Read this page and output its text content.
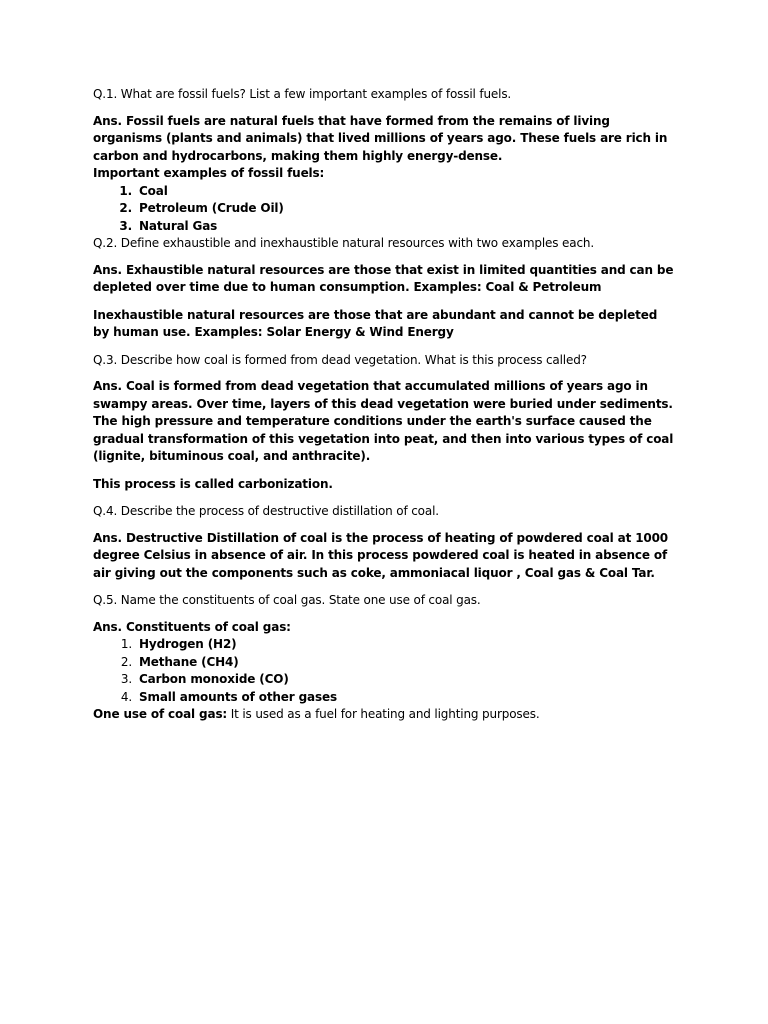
Q.1. What are fossil fuels? List a few important examples of fossil fuels.

Ans. Fossil fuels are natural fuels that have formed from the remains of living organisms (plants and animals) that lived millions of years ago. These fuels are rich in carbon and hydrocarbons, making them highly energy-dense.

Important examples of fossil fuels:

Coal
Petroleum (Crude Oil)
Natural Gas

Q.2. Define exhaustible and inexhaustible natural resources with two examples each.

Ans. Exhaustible natural resources are those that exist in limited quantities and can be depleted over time due to human consumption. Examples: Coal & Petroleum

Inexhaustible natural resources are those that are abundant and cannot be depleted by human use. Examples: Solar Energy & Wind Energy

Q.3. Describe how coal is formed from dead vegetation. What is this process called?

Ans. Coal is formed from dead vegetation that accumulated millions of years ago in swampy areas. Over time, layers of this dead vegetation were buried under sediments. The high pressure and temperature conditions under the earth's surface caused the gradual transformation of this vegetation into peat, and then into various types of coal (lignite, bituminous coal, and anthracite).

This process is called carbonization.

Q.4. Describe the process of destructive distillation of coal.

Ans. Destructive Distillation of coal is the process of heating of powdered coal at 1000 degree Celsius in absence of air. In this process powdered coal is heated in absence of air giving out the components such as coke, ammoniacal liquor , Coal gas & Coal Tar.

Q.5. Name the constituents of coal gas. State one use of coal gas.

Ans. Constituents of coal gas:

Hydrogen (H2)
Methane (CH4)
Carbon monoxide (CO)
Small amounts of other gases

One use of coal gas: It is used as a fuel for heating and lighting purposes.
